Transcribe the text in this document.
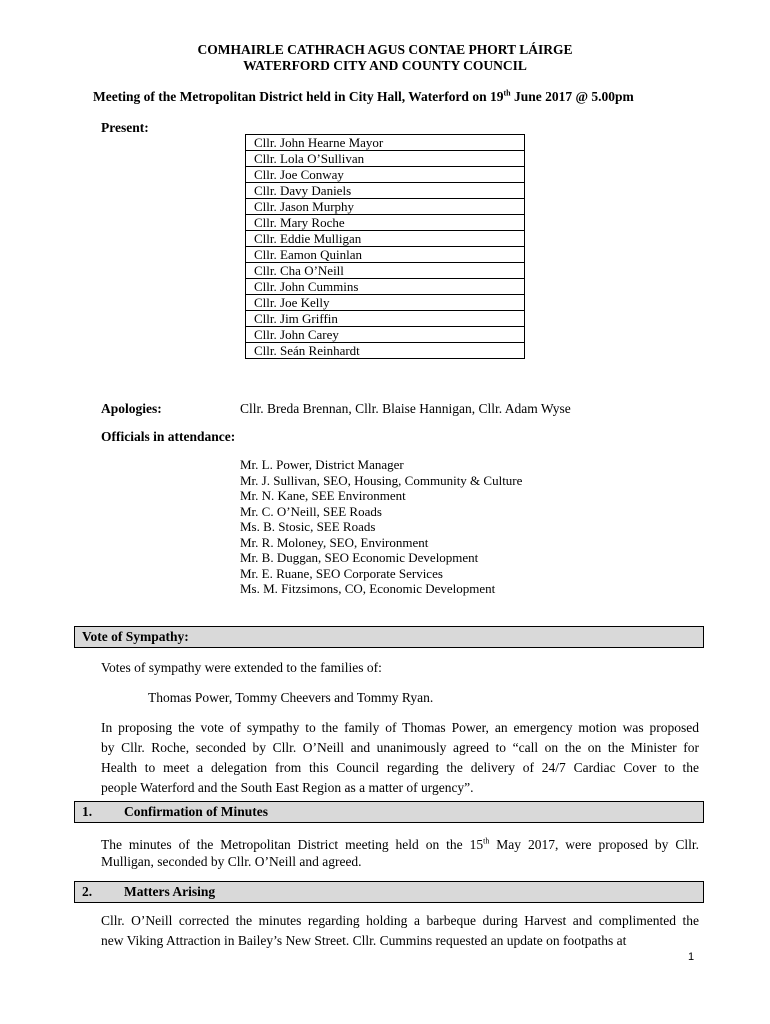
COMHAIRLE CATHRACH AGUS CONTAE PHORT LÁIRGE
WATERFORD CITY AND COUNTY COUNCIL
Meeting of the Metropolitan District held in City Hall, Waterford on 19th June 2017 @ 5.00pm
Present:
Cllr. John Hearne Mayor
Cllr. Lola O’Sullivan
Cllr. Joe Conway
Cllr. Davy Daniels
Cllr. Jason Murphy
Cllr. Mary Roche
Cllr. Eddie Mulligan
Cllr. Eamon Quinlan
Cllr. Cha O’Neill
Cllr. John Cummins
Cllr. Joe Kelly
Cllr. Jim Griffin
Cllr. John Carey
Cllr. Seán Reinhardt
Apologies:	Cllr. Breda Brennan, Cllr. Blaise Hannigan, Cllr. Adam Wyse
Officials in attendance:
Mr. L. Power, District Manager
Mr. J. Sullivan, SEO, Housing, Community & Culture
Mr. N. Kane, SEE Environment
Mr. C. O’Neill, SEE Roads
Ms. B. Stosic, SEE Roads
Mr. R. Moloney, SEO, Environment
Mr. B. Duggan, SEO Economic Development
Mr. E. Ruane, SEO Corporate Services
Ms. M. Fitzsimons, CO, Economic Development
Vote of Sympathy:
Votes of sympathy were extended to the families of:
Thomas Power, Tommy Cheevers and Tommy Ryan.
In proposing the vote of sympathy to the family of Thomas Power, an emergency motion was proposed
by Cllr. Roche, seconded by Cllr. O’Neill and unanimously agreed to “call on the on the Minister for
Health to meet a delegation from this Council regarding the delivery of 24/7 Cardiac Cover to the
people Waterford and the South East Region as a matter of urgency”.
1. Confirmation of Minutes
The minutes of the Metropolitan District meeting held on the 15th May 2017, were proposed by Cllr.
Mulligan, seconded by Cllr. O’Neill and agreed.
2. Matters Arising
Cllr. O’Neill corrected the minutes regarding holding a barbeque during Harvest and complimented the
new Viking Attraction in Bailey’s New Street. Cllr. Cummins requested an update on footpaths at
1
